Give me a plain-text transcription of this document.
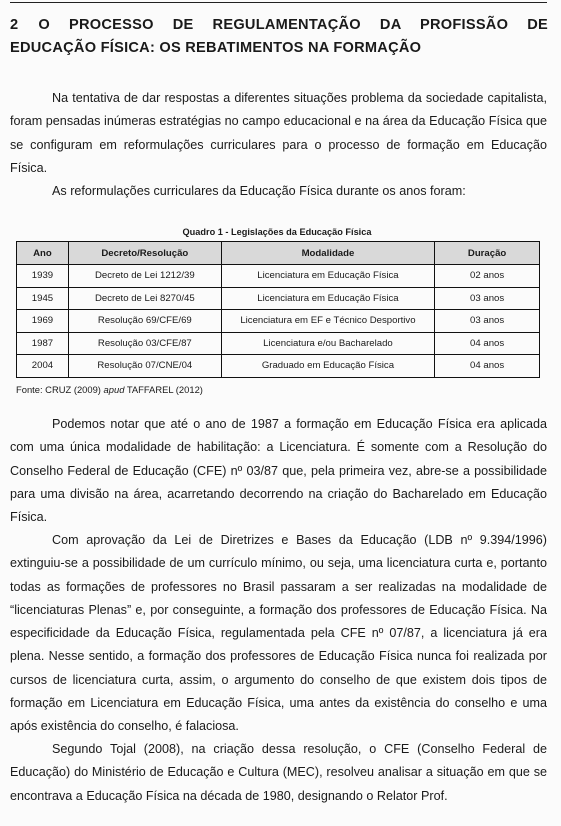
2 O PROCESSO DE REGULAMENTAÇÃO DA PROFISSÃO DE EDUCAÇÃO FÍSICA: OS REBATIMENTOS NA FORMAÇÃO

Na tentativa de dar respostas a diferentes situações problema da sociedade capitalista, foram pensadas inúmeras estratégias no campo educacional e na área da Educação Física que se configuram em reformulações curriculares para o processo de formação em Educação Física.

As reformulações curriculares da Educação Física durante os anos foram:

Quadro 1 - Legislações da Educação Física
Ano	Decreto/Resolução	Modalidade	Duração
1939	Decreto de Lei 1212/39	Licenciatura em Educação Física	02 anos
1945	Decreto de Lei 8270/45	Licenciatura em Educação Física	03 anos
1969	Resolução 69/CFE/69	Licenciatura em EF e Técnico Desportivo	03 anos
1987	Resolução 03/CFE/87	Licenciatura e/ou Bacharelado	04 anos
2004	Resolução 07/CNE/04	Graduado em Educação Física	04 anos
Fonte: CRUZ (2009) apud TAFFAREL (2012)

Podemos notar que até o ano de 1987 a formação em Educação Física era aplicada com uma única modalidade de habilitação: a Licenciatura. É somente com a Resolução do Conselho Federal de Educação (CFE) nº 03/87 que, pela primeira vez, abre-se a possibilidade para uma divisão na área, acarretando decorrendo na criação do Bacharelado em Educação Física.

Com aprovação da Lei de Diretrizes e Bases da Educação (LDB nº 9.394/1996) extinguiu-se a possibilidade de um currículo mínimo, ou seja, uma licenciatura curta e, portanto todas as formações de professores no Brasil passaram a ser realizadas na modalidade de “licenciaturas Plenas” e, por conseguinte, a formação dos professores de Educação Física. Na especificidade da Educação Física, regulamentada pela CFE nº 07/87, a licenciatura já era plena. Nesse sentido, a formação dos professores de Educação Física nunca foi realizada por cursos de licenciatura curta, assim, o argumento do conselho de que existem dois tipos de formação em Licenciatura em Educação Física, uma antes da existência do conselho e uma após existência do conselho, é falaciosa.

Segundo Tojal (2008), na criação dessa resolução, o CFE (Conselho Federal de Educação) do Ministério de Educação e Cultura (MEC), resolveu analisar a situação em que se encontrava a Educação Física na década de 1980, designando o Relator Prof.
